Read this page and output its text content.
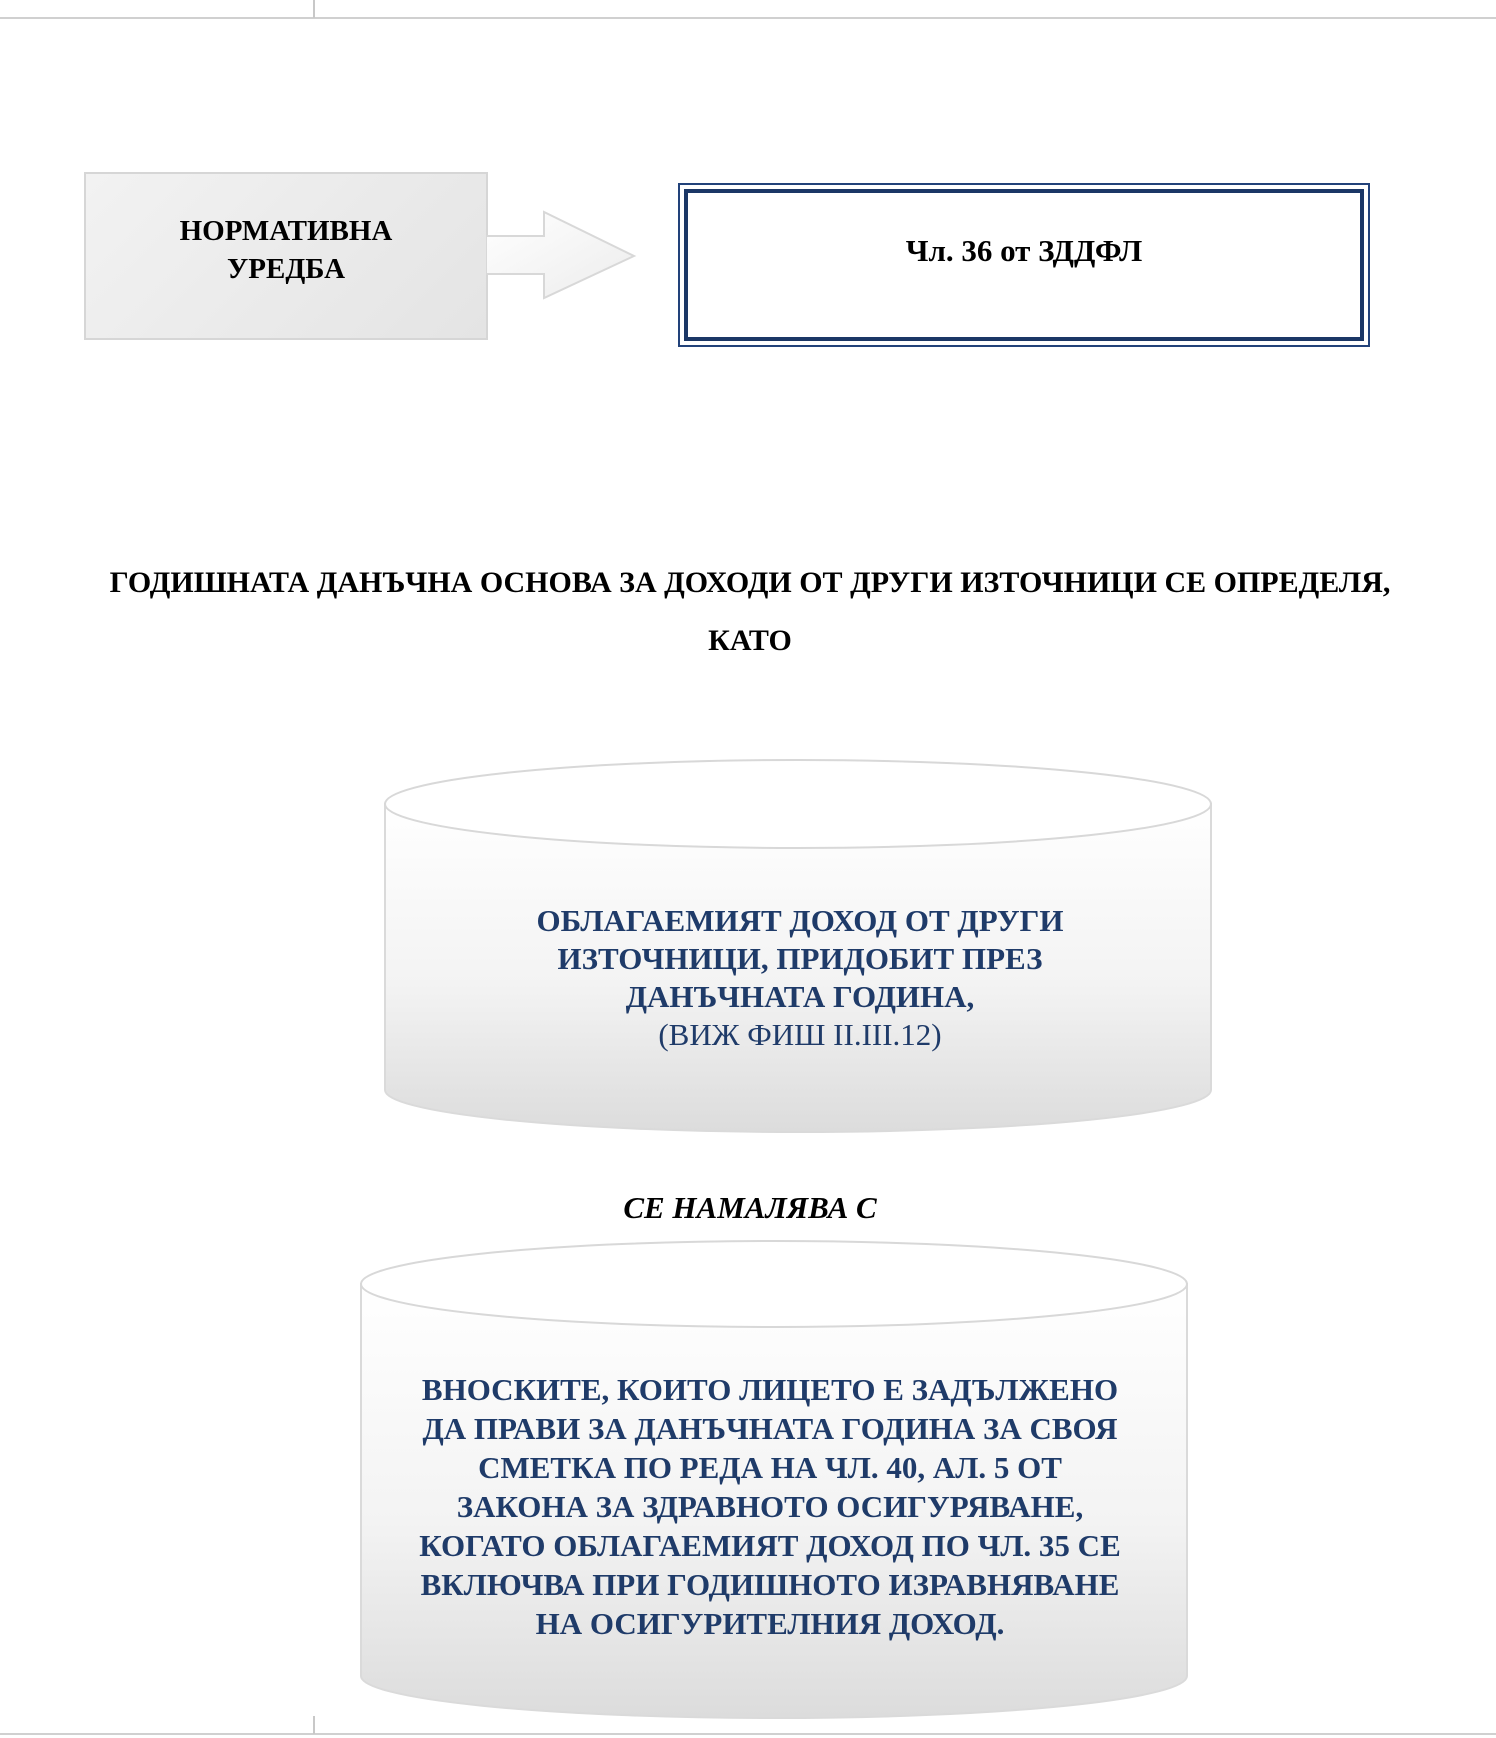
НОРМАТИВНА УРЕДБА
Чл. 36 от ЗДДФЛ
ГОДИШНАТА ДАНЪЧНА ОСНОВА ЗА ДОХОДИ ОТ ДРУГИ ИЗТОЧНИЦИ СЕ ОПРЕДЕЛЯ, КАТО
ОБЛАГАЕМИЯТ ДОХОД ОТ ДРУГИ ИЗТОЧНИЦИ, ПРИДОБИТ ПРЕЗ ДАНЪЧНАТА ГОДИНА,
(ВИЖ ФИШ II.III.12)
СЕ НАМАЛЯВА С
ВНОСКИТЕ, КОИТО ЛИЦЕТО Е ЗАДЪЛЖЕНО
ДА ПРАВИ ЗА ДАНЪЧНАТА ГОДИНА ЗА СВОЯ
СМЕТКА ПО РЕДА НА ЧЛ. 40, АЛ. 5 ОТ
ЗАКОНА ЗА ЗДРАВНОТО ОСИГУРЯВАНЕ,
КОГАТО ОБЛАГАЕМИЯТ ДОХОД ПО ЧЛ. 35 СЕ
ВКЛЮЧВА ПРИ ГОДИШНОТО ИЗРАВНЯВАНЕ
НА ОСИГУРИТЕЛНИЯ ДОХОД.
